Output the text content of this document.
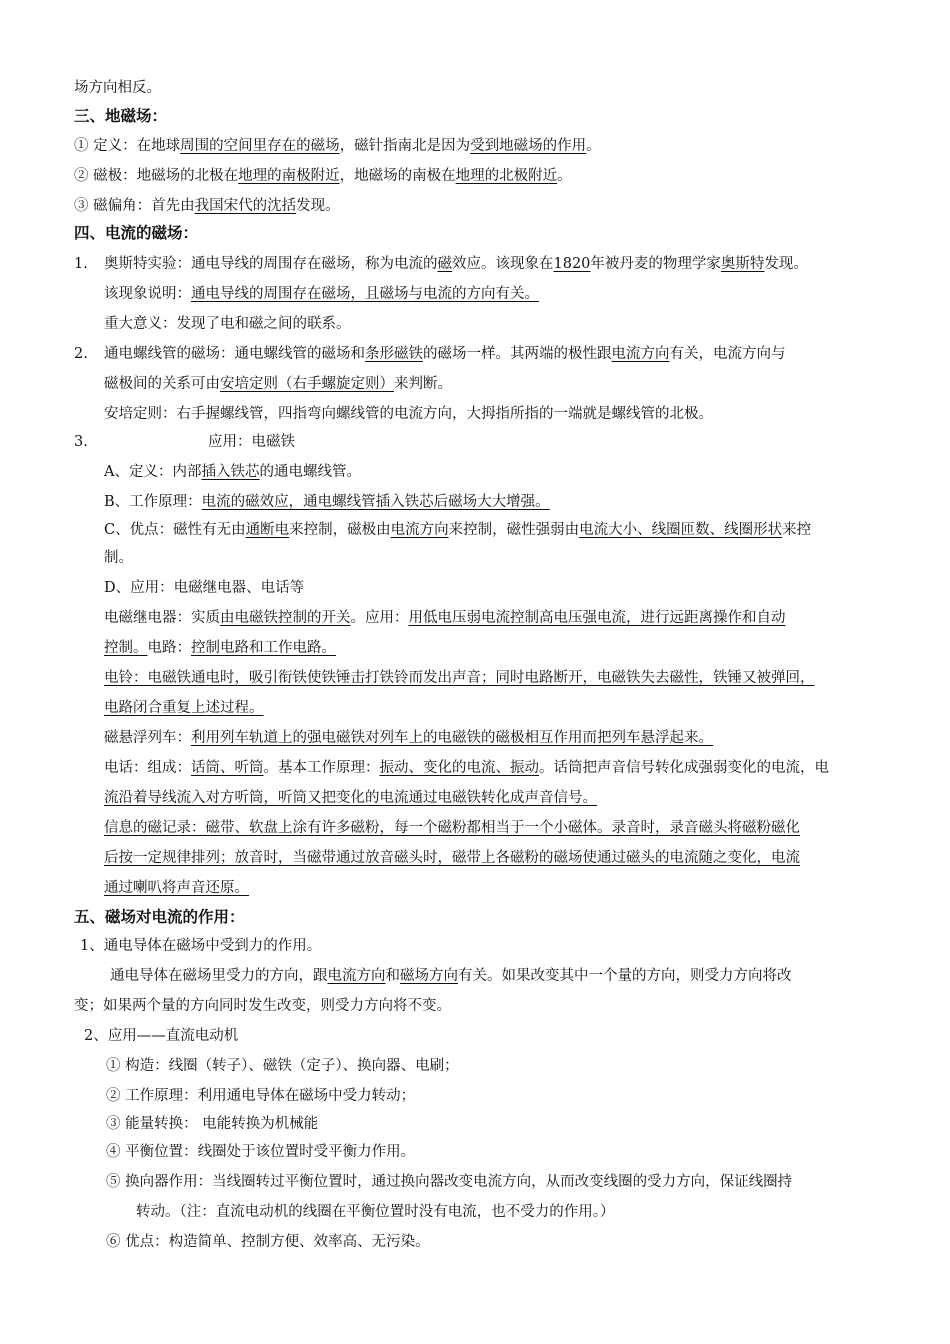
场方向相反。
三、地磁场：
① 定义：在地球周围的空间里存在的磁场，磁针指南北是因为受到地磁场的作用。
② 磁极：地磁场的北极在地理的南极附近，地磁场的南极在地理的北极附近。
③ 磁偏角：首先由我国宋代的沈括发现。
四、电流的磁场：
1. 奥斯特实验：通电导线的周围存在磁场，称为电流的磁效应。该现象在1820年被丹麦的物理学家奥斯特发现。
该现象说明：通电导线的周围存在磁场，且磁场与电流的方向有关。
重大意义：发现了电和磁之间的联系。
2. 通电螺线管的磁场：通电螺线管的磁场和条形磁铁的磁场一样。其两端的极性跟电流方向有关，电流方向与
磁极间的关系可由安培定则（右手螺旋定则）来判断。
安培定则：右手握螺线管，四指弯向螺线管的电流方向，大拇指所指的一端就是螺线管的北极。
3.	应用：电磁铁
A、定义：内部插入铁芯的通电螺线管。
B、工作原理：电流的磁效应，通电螺线管插入铁芯后磁场大大增强。
C、优点：磁性有无由通断电来控制，磁极由电流方向来控制，磁性强弱由电流大小、线圈匝数、线圈形状来控
制。
D、应用：电磁继电器、电话等
电磁继电器：实质由电磁铁控制的开关。应用：用低电压弱电流控制高电压强电流，进行远距离操作和自动
控制。电路：控制电路和工作电路。
电铃：电磁铁通电时，吸引衔铁使铁锤击打铁铃而发出声音；同时电路断开，电磁铁失去磁性，铁锤又被弹回，
电路闭合重复上述过程。
磁悬浮列车：利用列车轨道上的强电磁铁对列车上的电磁铁的磁极相互作用而把列车悬浮起来。
电话：组成：话筒、听筒。基本工作原理：振动、变化的电流、振动。话筒把声音信号转化成强弱变化的电流，电
流沿着导线流入对方听筒，听筒又把变化的电流通过电磁铁转化成声音信号。
信息的磁记录：磁带、软盘上涂有许多磁粉，每一个磁粉都相当于一个小磁体。录音时，录音磁头将磁粉磁化
后按一定规律排列；放音时，当磁带通过放音磁头时，磁带上各磁粉的磁场使通过磁头的电流随之变化，电流
通过喇叭将声音还原。
五、磁场对电流的作用：
1、通电导体在磁场中受到力的作用。
通电导体在磁场里受力的方向，跟电流方向和磁场方向有关。如果改变其中一个量的方向，则受力方向将改
变；如果两个量的方向同时发生改变，则受力方向将不变。
2、应用——直流电动机
① 构造：线圈（转子）、磁铁（定子）、换向器、电刷；
② 工作原理：利用通电导体在磁场中受力转动；
③ 能量转换： 电能转换为机械能
④ 平衡位置：线圈处于该位置时受平衡力作用。
⑤ 换向器作用：当线圈转过平衡位置时，通过换向器改变电流方向，从而改变线圈的受力方向，保证线圈持
转动。（注：直流电动机的线圈在平衡位置时没有电流，也不受力的作用。）
⑥ 优点：构造简单、控制方便、效率高、无污染。
